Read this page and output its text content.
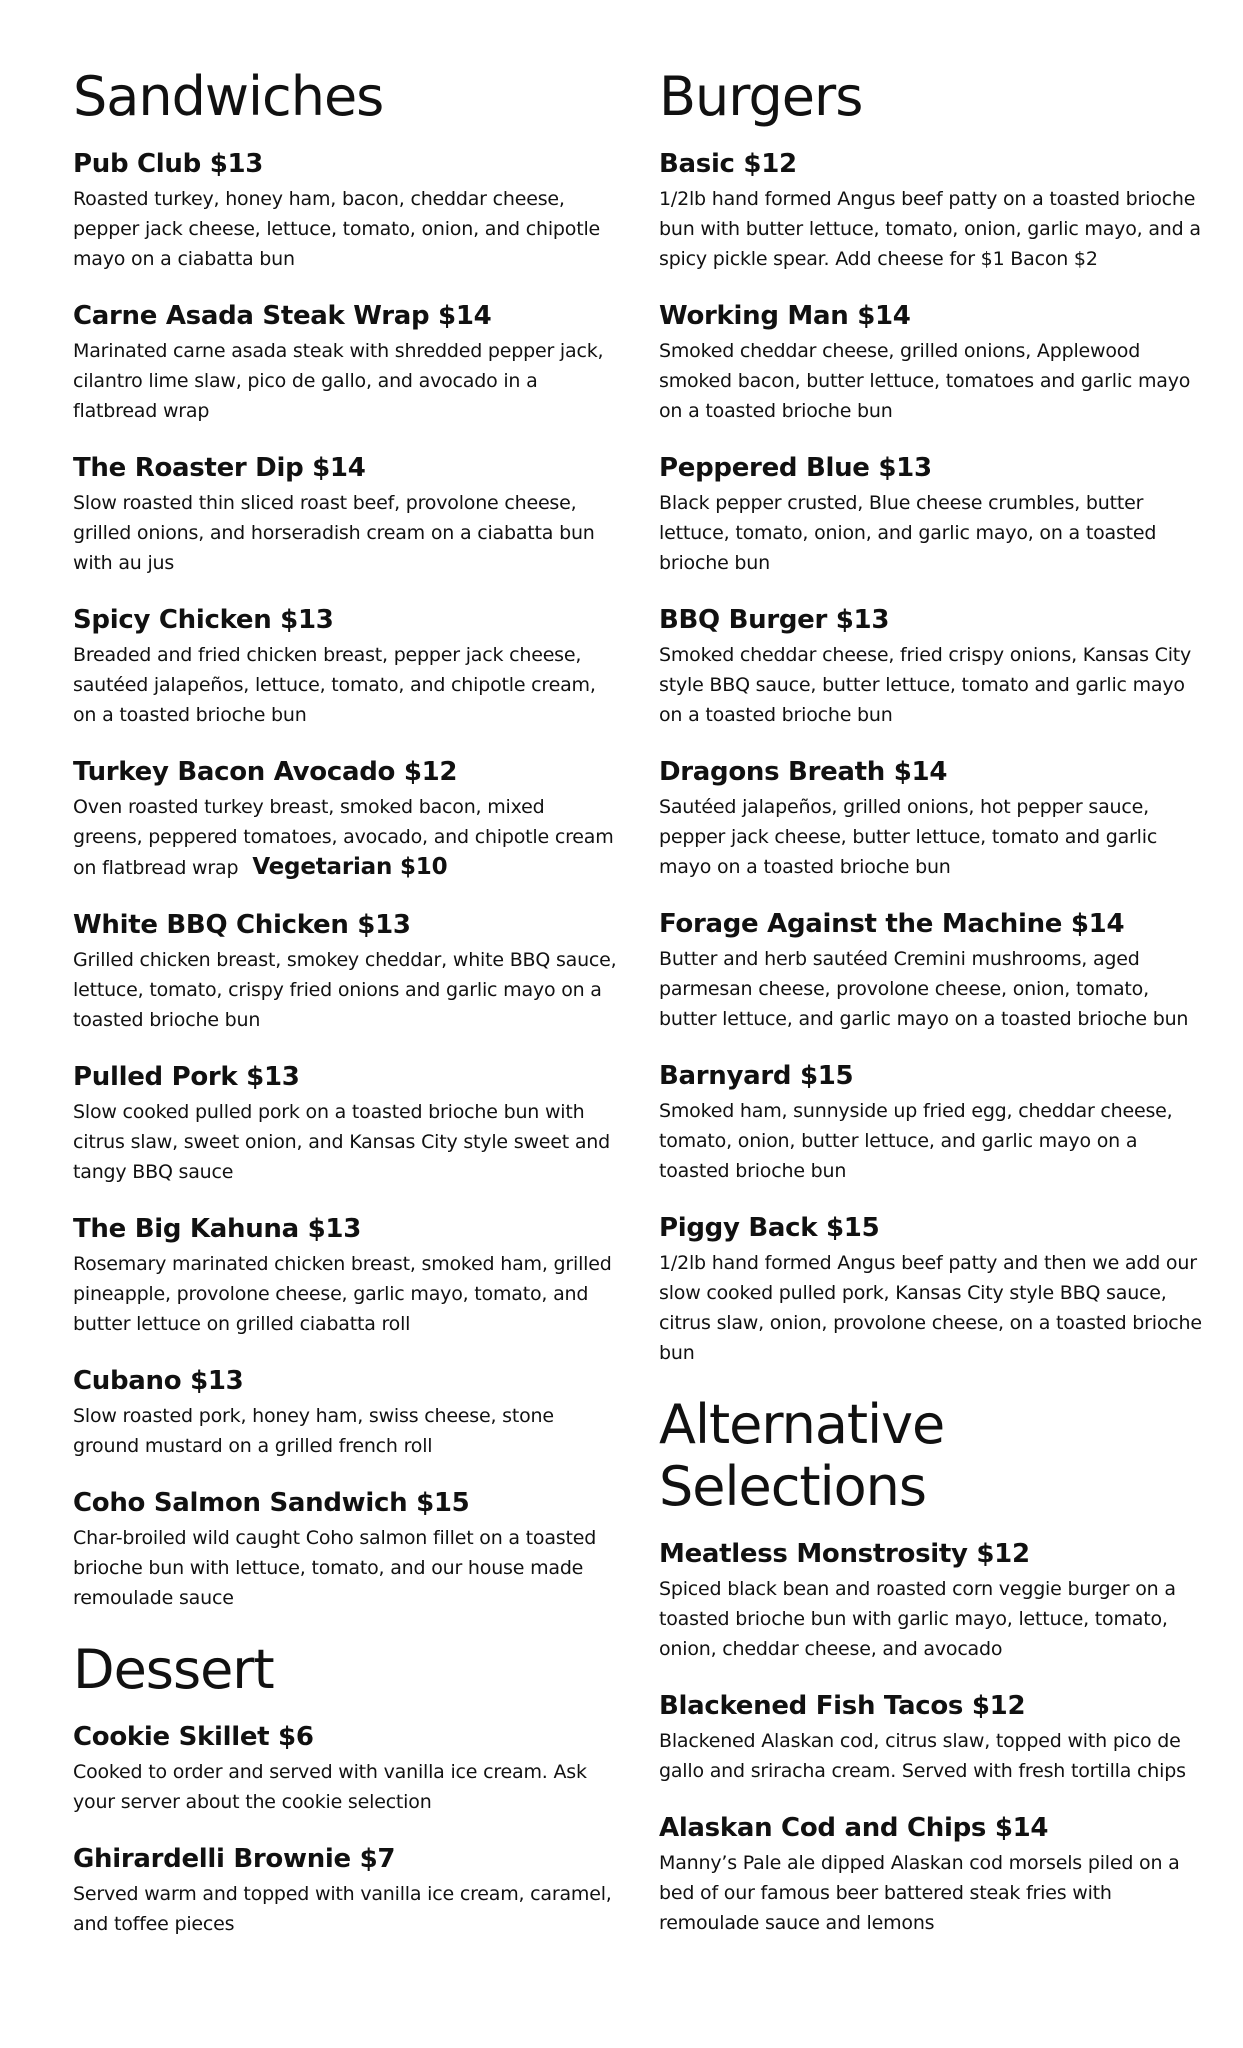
Sandwiches
Pub Club $13

Roasted turkey, honey ham, bacon, cheddar cheese, pepper jack cheese, lettuce, tomato, onion, and chipotle mayo on a ciabatta bun

Carne Asada Steak Wrap $14

Marinated carne asada steak with shredded pepper jack, cilantro lime slaw, pico de gallo, and avocado in a flatbread wrap

The Roaster Dip $14

Slow roasted thin sliced roast beef, provolone cheese, grilled onions, and horseradish cream on a ciabatta bun with au jus

Spicy Chicken $13

Breaded and fried chicken breast, pepper jack cheese, sautéed jalapeños, lettuce, tomato, and chipotle cream, on a toasted brioche bun

Turkey Bacon Avocado $12

Oven roasted turkey breast, smoked bacon, mixed greens, peppered tomatoes, avocado, and chipotle cream on flatbread wrap Vegetarian $10

White BBQ Chicken $13

Grilled chicken breast, smokey cheddar, white BBQ sauce, lettuce, tomato, crispy fried onions and garlic mayo on a toasted brioche bun

Pulled Pork $13

Slow cooked pulled pork on a toasted brioche bun with citrus slaw, sweet onion, and Kansas City style sweet and tangy BBQ sauce

The Big Kahuna $13

Rosemary marinated chicken breast, smoked ham, grilled pineapple, provolone cheese, garlic mayo, tomato, and butter lettuce on grilled ciabatta roll

Cubano $13

Slow roasted pork, honey ham, swiss cheese, stone ground mustard on a grilled french roll

Coho Salmon Sandwich $15

Char-broiled wild caught Coho salmon fillet on a toasted brioche bun with lettuce, tomato, and our house made remoulade sauce

Dessert
Cookie Skillet $6

Cooked to order and served with vanilla ice cream. Ask your server about the cookie selection

Ghirardelli Brownie $7

Served warm and topped with vanilla ice cream, caramel, and toffee pieces

Burgers
Basic $12

1/2lb hand formed Angus beef patty on a toasted brioche bun with butter lettuce, tomato, onion, garlic mayo, and a spicy pickle spear. Add cheese for $1 Bacon $2

Working Man $14

Smoked cheddar cheese, grilled onions, Applewood smoked bacon, butter lettuce, tomatoes and garlic mayo on a toasted brioche bun

Peppered Blue $13

Black pepper crusted, Blue cheese crumbles, butter lettuce, tomato, onion, and garlic mayo, on a toasted brioche bun

BBQ Burger $13

Smoked cheddar cheese, fried crispy onions, Kansas City style BBQ sauce, butter lettuce, tomato and garlic mayo on a toasted brioche bun

Dragons Breath $14

Sautéed jalapeños, grilled onions, hot pepper sauce, pepper jack cheese, butter lettuce, tomato and garlic mayo on a toasted brioche bun

Forage Against the Machine $14

Butter and herb sautéed Cremini mushrooms, aged parmesan cheese, provolone cheese, onion, tomato, butter lettuce, and garlic mayo on a toasted brioche bun

Barnyard $15

Smoked ham, sunnyside up fried egg, cheddar cheese, tomato, onion, butter lettuce, and garlic mayo on a toasted brioche bun

Piggy Back $15

1/2lb hand formed Angus beef patty and then we add our slow cooked pulled pork, Kansas City style BBQ sauce, citrus slaw, onion, provolone cheese, on a toasted brioche bun

Alternative Selections
Meatless Monstrosity $12

Spiced black bean and roasted corn veggie burger on a toasted brioche bun with garlic mayo, lettuce, tomato, onion, cheddar cheese, and avocado

Blackened Fish Tacos $12

Blackened Alaskan cod, citrus slaw, topped with pico de gallo and sriracha cream. Served with fresh tortilla chips

Alaskan Cod and Chips $14

Manny’s Pale ale dipped Alaskan cod morsels piled on a bed of our famous beer battered steak fries with remoulade sauce and lemons
